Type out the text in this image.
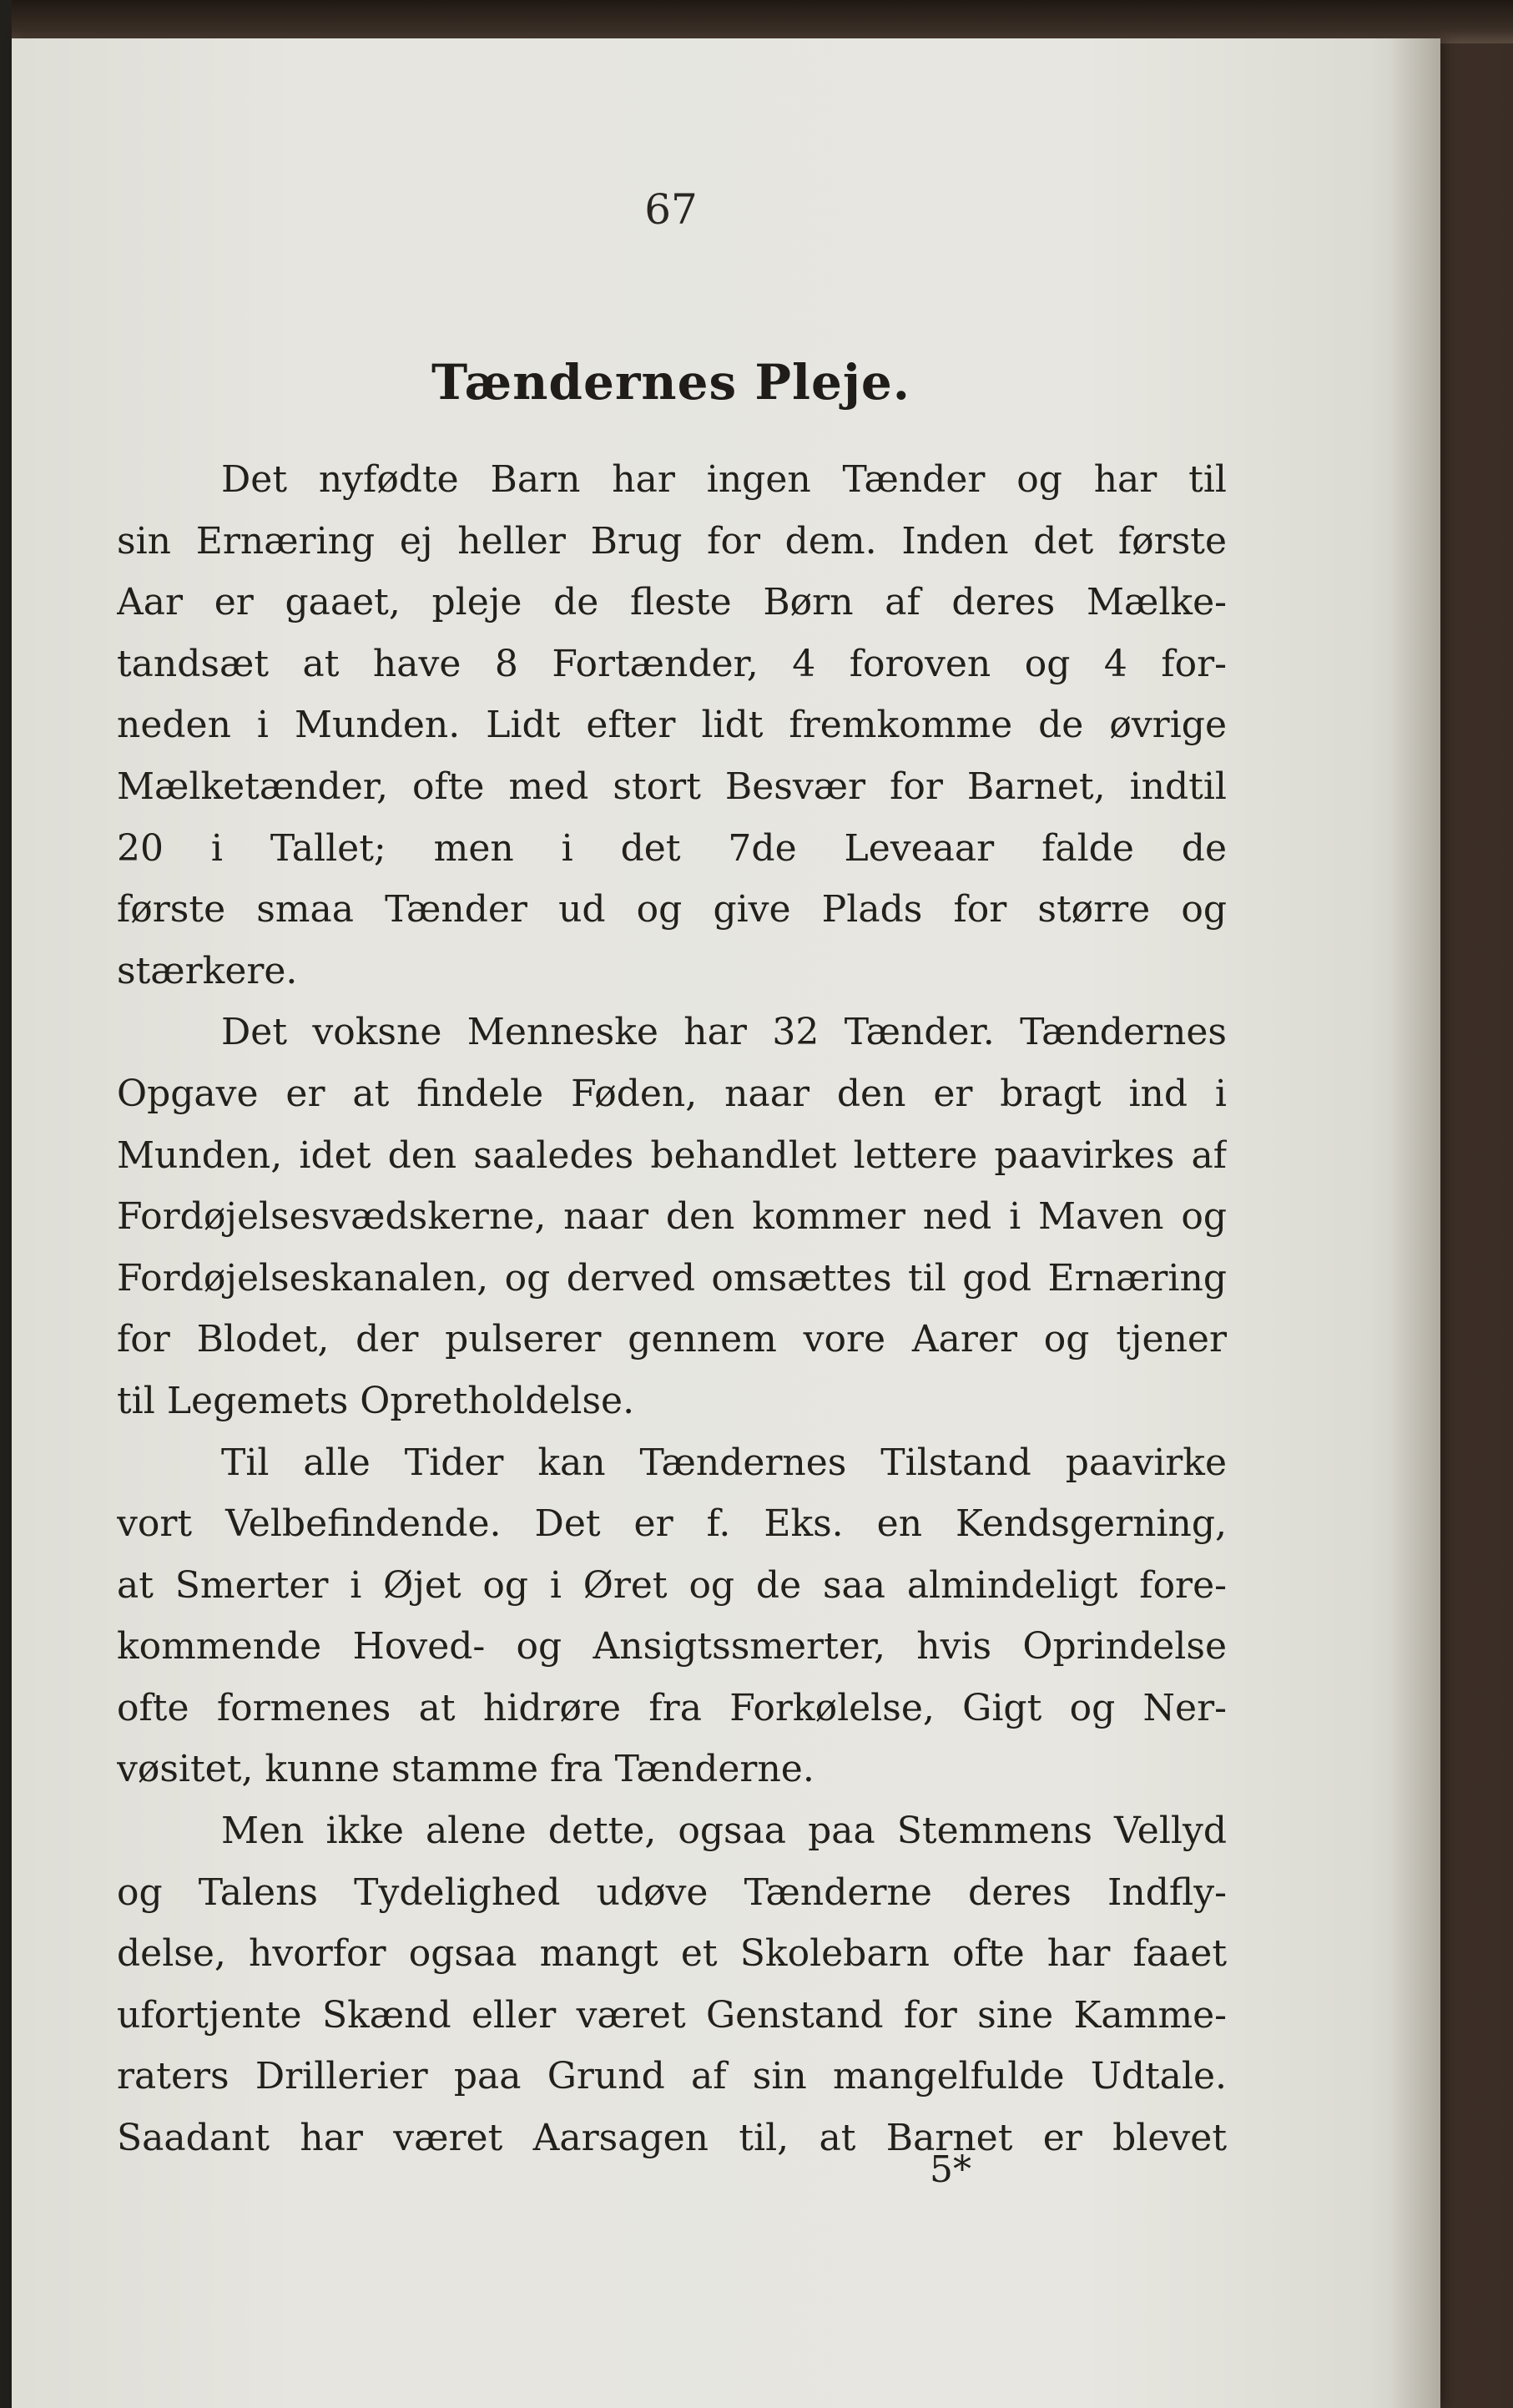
67
Tændernes Pleje.
Det nyfødte Barn har ingen Tænder og har til
sin Ernæring ej heller Brug for dem. Inden det første
Aar er gaaet, pleje de fleste Børn af deres Mælke-
tandsæt at have 8 Fortænder, 4 foroven og 4 for-
neden i Munden. Lidt efter lidt fremkomme de øvrige
Mælketænder, ofte med stort Besvær for Barnet, indtil
20 i Tallet; men i det 7de Leveaar falde de
første smaa Tænder ud og give Plads for større og
stærkere.
Det voksne Menneske har 32 Tænder. Tændernes
Opgave er at findele Føden, naar den er bragt ind i
Munden, idet den saaledes behandlet lettere paavirkes af
Fordøjelsesvædskerne, naar den kommer ned i Maven og
Fordøjelseskanalen, og derved omsættes til god Ernæring
for Blodet, der pulserer gennem vore Aarer og tjener
til Legemets Opretholdelse.
Til alle Tider kan Tændernes Tilstand paavirke
vort Velbefindende. Det er f. Eks. en Kendsgerning,
at Smerter i Øjet og i Øret og de saa almindeligt fore-
kommende Hoved- og Ansigtssmerter, hvis Oprindelse
ofte formenes at hidrøre fra Forkølelse, Gigt og Ner-
vøsitet, kunne stamme fra Tænderne.
Men ikke alene dette, ogsaa paa Stemmens Vellyd
og Talens Tydelighed udøve Tænderne deres Indfly-
delse, hvorfor ogsaa mangt et Skolebarn ofte har faaet
ufortjente Skænd eller været Genstand for sine Kamme-
raters Drillerier paa Grund af sin mangelfulde Udtale.
Saadant har været Aarsagen til, at Barnet er blevet
5*
